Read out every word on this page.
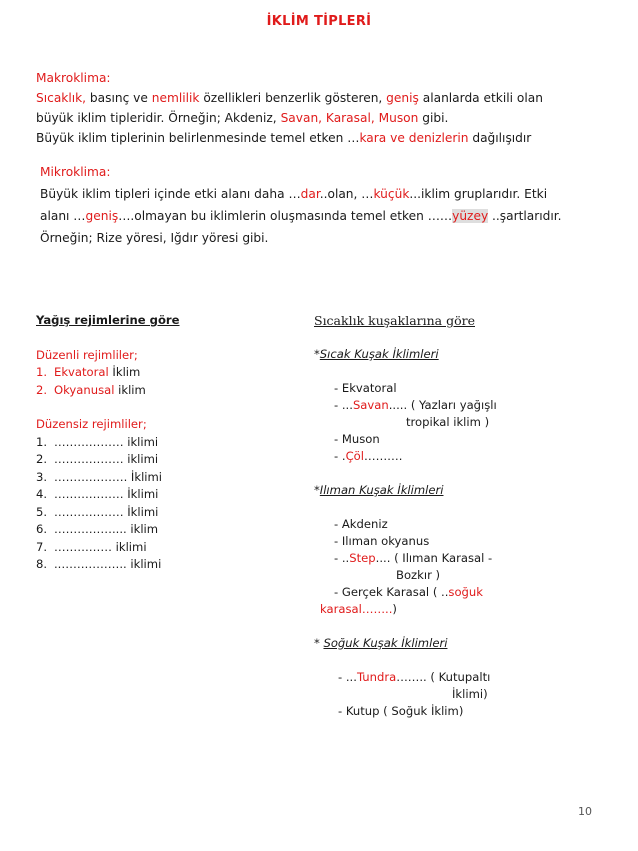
İKLİM TİPLERİ
Makroklima:
Sıcaklık, basınç ve nemlilik özellikleri benzerlik gösteren, geniş alanlarda etkili olan
büyük iklim tipleridir. Örneğin; Akdeniz, Savan, Karasal, Muson gibi.
Büyük iklim tiplerinin belirlenmesinde temel etken …kara ve denizlerin dağılışıdır
Mikroklima:
Büyük iklim tipleri içinde etki alanı daha …dar..olan, …küçük...iklim gruplarıdır. Etki
alanı …geniş….olmayan bu iklimlerin oluşmasında temel etken ……yüzey ..şartlarıdır.
Örneğin; Rize yöresi, Iğdır yöresi gibi.
Yağış rejimlerine göre
Düzenli rejimliler;
1. Ekvatoral İklim
2. Okyanusal iklim
Düzensiz rejimliler;
1. ……………… iklimi
2. ……………… iklimi
3. ………………. İklimi
4. ……………… İklimi
5. ……………… İklimi
6. …………….... iklim
7. …………… iklimi
8. ..…………….. iklimi
Sıcaklık kuşaklarına göre
*Sıcak Kuşak İklimleri
- Ekvatoral
- ...Savan..... ( Yazları yağışlı
tropikal iklim )
- Muson
- .Çöl……….
*Ilıman Kuşak İklimleri
- Akdeniz
- Ilıman okyanus
- ..Step.... ( Ilıman Karasal -
Bozkır )
- Gerçek Karasal ( ..soğuk
karasal……..)
* Soğuk Kuşak İklimleri
- ...Tundra…….. ( Kutupaltı
İklimi)
- Kutup ( Soğuk İklim)
10
